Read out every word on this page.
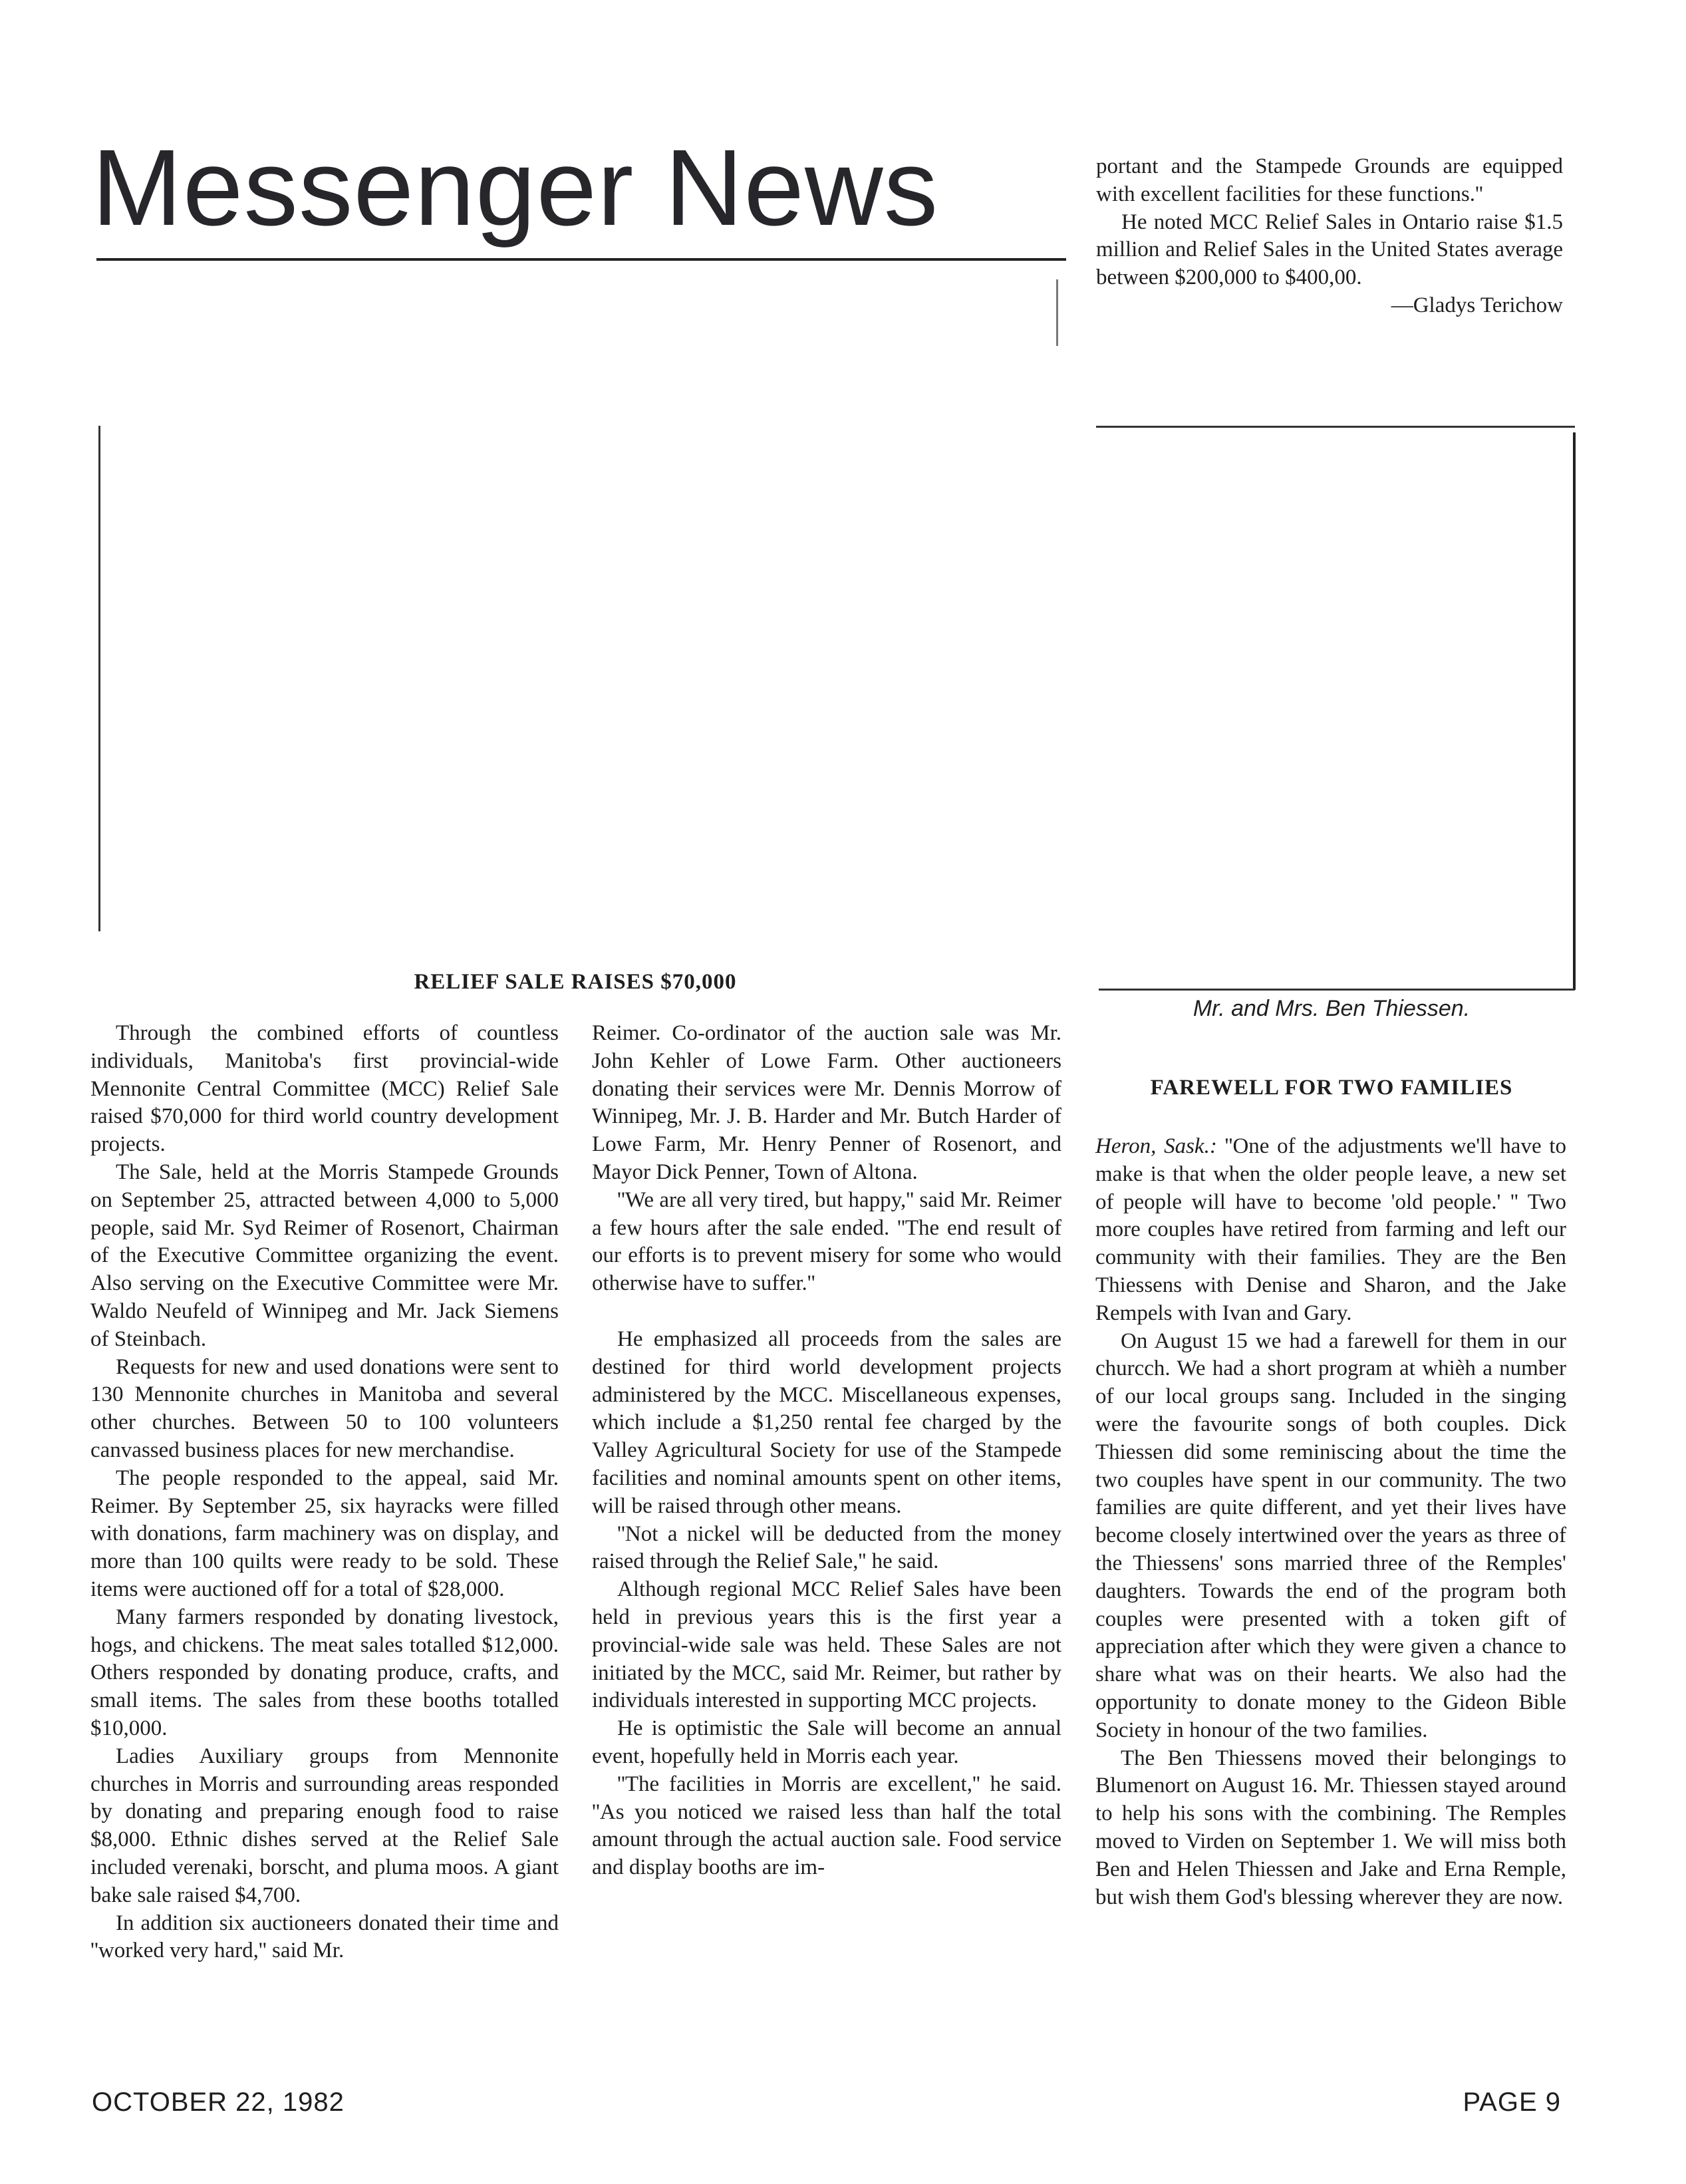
Messenger News	portant and the Stampede Grounds are equipped with excellent facilities for these functions.''

He noted MCC Relief Sales in Ontario raise $1.5 million and Relief Sales in the United States average between $200,000 to $400,00.

—Gladys Terichow

RELIEF SALE RAISES $70,000

Through the combined efforts of countless individuals, Manitoba's first provincial-wide Mennonite Central Committee (MCC) Relief Sale raised $70,000 for third world country development projects.

The Sale, held at the Morris Stampede Grounds on September 25, attracted between 4,000 to 5,000 people, said Mr. Syd Reimer of Rosenort, Chairman of the Executive Committee organizing the event. Also serving on the Executive Committee were Mr. Waldo Neufeld of Winnipeg and Mr. Jack Siemens of Steinbach.

Requests for new and used donations were sent to 130 Mennonite churches in Manitoba and several other churches. Between 50 to 100 volunteers canvassed business places for new merchandise.

The people responded to the appeal, said Mr. Reimer. By September 25, six hayracks were filled with donations, farm machinery was on display, and more than 100 quilts were ready to be sold. These items were auctioned off for a total of $28,000.

Many farmers responded by donating livestock, hogs, and chickens. The meat sales totalled $12,000. Others responded by donating produce, crafts, and small items. The sales from these booths totalled $10,000.

Ladies Auxiliary groups from Mennonite churches in Morris and surrounding areas responded by donating and preparing enough food to raise $8,000. Ethnic dishes served at the Relief Sale included verenaki, borscht, and pluma moos. A giant bake sale raised $4,700.

In addition six auctioneers donated their time and ''worked very hard,'' said Mr.

Reimer. Co-ordinator of the auction sale was Mr. John Kehler of Lowe Farm. Other auctioneers donating their services were Mr. Dennis Morrow of Winnipeg, Mr. J. B. Harder and Mr. Butch Harder of Lowe Farm, Mr. Henry Penner of Rosenort, and Mayor Dick Penner, Town of Altona.

''We are all very tired, but happy,'' said Mr. Reimer a few hours after the sale ended. ''The end result of our efforts is to prevent misery for some who would otherwise have to suffer.''

He emphasized all proceeds from the sales are destined for third world development projects administered by the MCC. Miscellaneous expenses, which include a $1,250 rental fee charged by the Valley Agricultural Society for use of the Stampede facilities and nominal amounts spent on other items, will be raised through other means.

''Not a nickel will be deducted from the money raised through the Relief Sale,'' he said.

Although regional MCC Relief Sales have been held in previous years this is the first year a provincial-wide sale was held. These Sales are not initiated by the MCC, said Mr. Reimer, but rather by individuals interested in supporting MCC projects.

He is optimistic the Sale will become an annual event, hopefully held in Morris each year.

''The facilities in Morris are excellent,'' he said. ''As you noticed we raised less than half the total amount through the actual auction sale. Food service and display booths are im-

Mr. and Mrs. Ben Thiessen.
FAREWELL FOR TWO FAMILIES

Heron, Sask.: ''One of the adjustments we'll have to make is that when the older people leave, a new set of people will have to become 'old people.' '' Two more couples have retired from farming and left our community with their families. They are the Ben Thiessens with Denise and Sharon, and the Jake Rempels with Ivan and Gary.

On August 15 we had a farewell for them in our churcch. We had a short program at whièh a number of our local groups sang. Included in the singing were the favourite songs of both couples. Dick Thiessen did some reminiscing about the time the two couples have spent in our community. The two families are quite different, and yet their lives have become closely intertwined over the years as three of the Thiessens' sons married three of the Remples' daughters. Towards the end of the program both couples were presented with a token gift of appreciation after which they were given a chance to share what was on their hearts. We also had the opportunity to donate money to the Gideon Bible Society in honour of the two families.

The Ben Thiessens moved their belongings to Blumenort on August 16. Mr. Thiessen stayed around to help his sons with the combining. The Remples moved to Virden on September 1. We will miss both Ben and Helen Thiessen and Jake and Erna Remple, but wish them God's blessing wherever they are now.

OCTOBER 22, 1982	PAGE 9
